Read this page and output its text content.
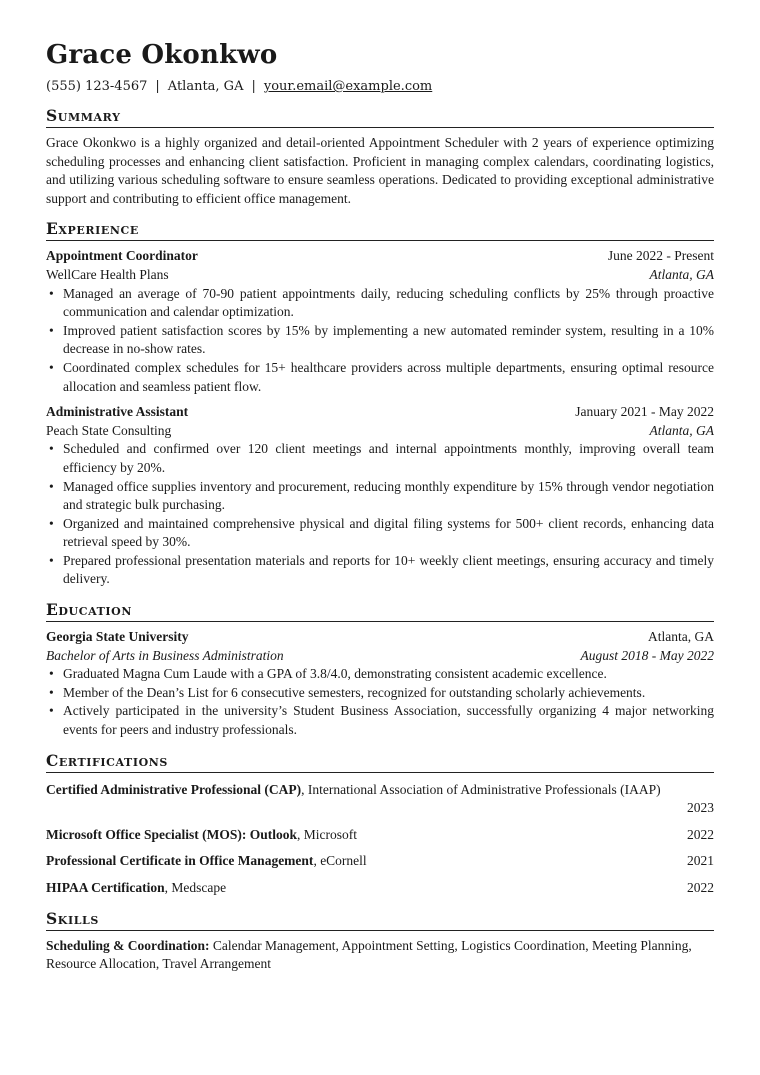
Grace Okonkwo
(555) 123-4567 | Atlanta, GA | your.email@example.com
Summary
Grace Okonkwo is a highly organized and detail-oriented Appointment Scheduler with 2 years of experience optimizing scheduling processes and enhancing client satisfaction. Proficient in managing complex calendars, coordinating logistics, and utilizing various scheduling software to ensure seamless operations. Dedicated to providing exceptional administrative support and contributing to efficient office management.
Experience
Appointment Coordinator	June 2022 - Present
WellCare Health Plans	Atlanta, GA
• Managed an average of 70-90 patient appointments daily, reducing scheduling conflicts by 25% through proactive communication and calendar optimization.
• Improved patient satisfaction scores by 15% by implementing a new automated reminder system, resulting in a 10% decrease in no-show rates.
• Coordinated complex schedules for 15+ healthcare providers across multiple departments, ensuring optimal resource allocation and seamless patient flow.
Administrative Assistant	January 2021 - May 2022
Peach State Consulting	Atlanta, GA
• Scheduled and confirmed over 120 client meetings and internal appointments monthly, improving overall team efficiency by 20%.
• Managed office supplies inventory and procurement, reducing monthly expenditure by 15% through vendor negotiation and strategic bulk purchasing.
• Organized and maintained comprehensive physical and digital filing systems for 500+ client records, enhancing data retrieval speed by 30%.
• Prepared professional presentation materials and reports for 10+ weekly client meetings, ensuring accuracy and timely delivery.
Education
Georgia State University	Atlanta, GA
Bachelor of Arts in Business Administration	August 2018 - May 2022
• Graduated Magna Cum Laude with a GPA of 3.8/4.0, demonstrating consistent academic excellence.
• Member of the Dean’s List for 6 consecutive semesters, recognized for outstanding scholarly achievements.
• Actively participated in the university’s Student Business Association, successfully organizing 4 major networking events for peers and industry professionals.
Certifications
Certified Administrative Professional (CAP), International Association of Administrative Professionals (IAAP)
2023
Microsoft Office Specialist (MOS): Outlook, Microsoft	2022
Professional Certificate in Office Management, eCornell	2021
HIPAA Certification, Medscape	2022
Skills
Scheduling & Coordination: Calendar Management, Appointment Setting, Logistics Coordination, Meeting Planning, Resource Allocation, Travel Arrangement
